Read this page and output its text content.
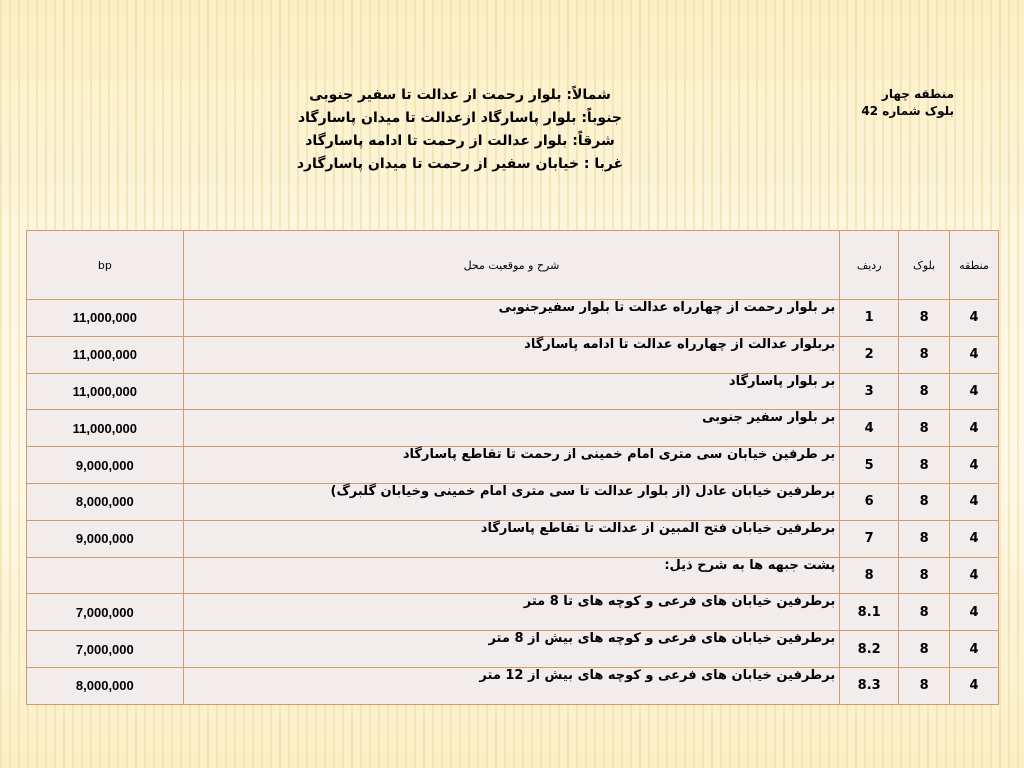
منطقه چهار
بلوک شماره 42
شمالاً: بلوار رحمت از عدالت تا سفیر جنوبی
جنوباً: بلوار پاسارگاد ازعدالت تا میدان پاسارگاد
شرقاً: بلوار عدالت از رحمت تا ادامه پاسارگاد
غربا : خیابان سفیر از رحمت تا میدان پاسارگارد
منطقه	بلوک	ردیف	شرح و موقعیت محل	bp
4	8	1	بر بلوار رحمت از چهارراه عدالت تا بلوار سفیرجنوبی	11,000,000
4	8	2	بربلوار عدالت از چهارراه عدالت تا ادامه پاسارگاد	11,000,000
4	8	3	بر بلوار پاسارگاد	11,000,000
4	8	4	بر بلوار سفیر جنوبی	11,000,000
4	8	5	بر طرفین خیابان سی متری امام خمینی از رحمت تا تقاطع پاسارگاد	9,000,000
4	8	6	برطرفین خیابان عادل (از بلوار عدالت تا سی متری امام خمینی وخیابان گلبرگ)	8,000,000
4	8	7	برطرفین خیابان فتح المبین از عدالت تا تقاطع پاسارگاد	9,000,000
4	8	8	پشت جبهه ها به شرح ذیل:	
4	8	8.1	برطرفین خیابان های فرعی و کوچه های تا 8 متر	7,000,000
4	8	8.2	برطرفین خیابان های فرعی و کوچه های بیش از 8 متر	7,000,000
4	8	8.3	برطرفین خیابان های فرعی و کوچه های بیش از 12 متر	8,000,000
